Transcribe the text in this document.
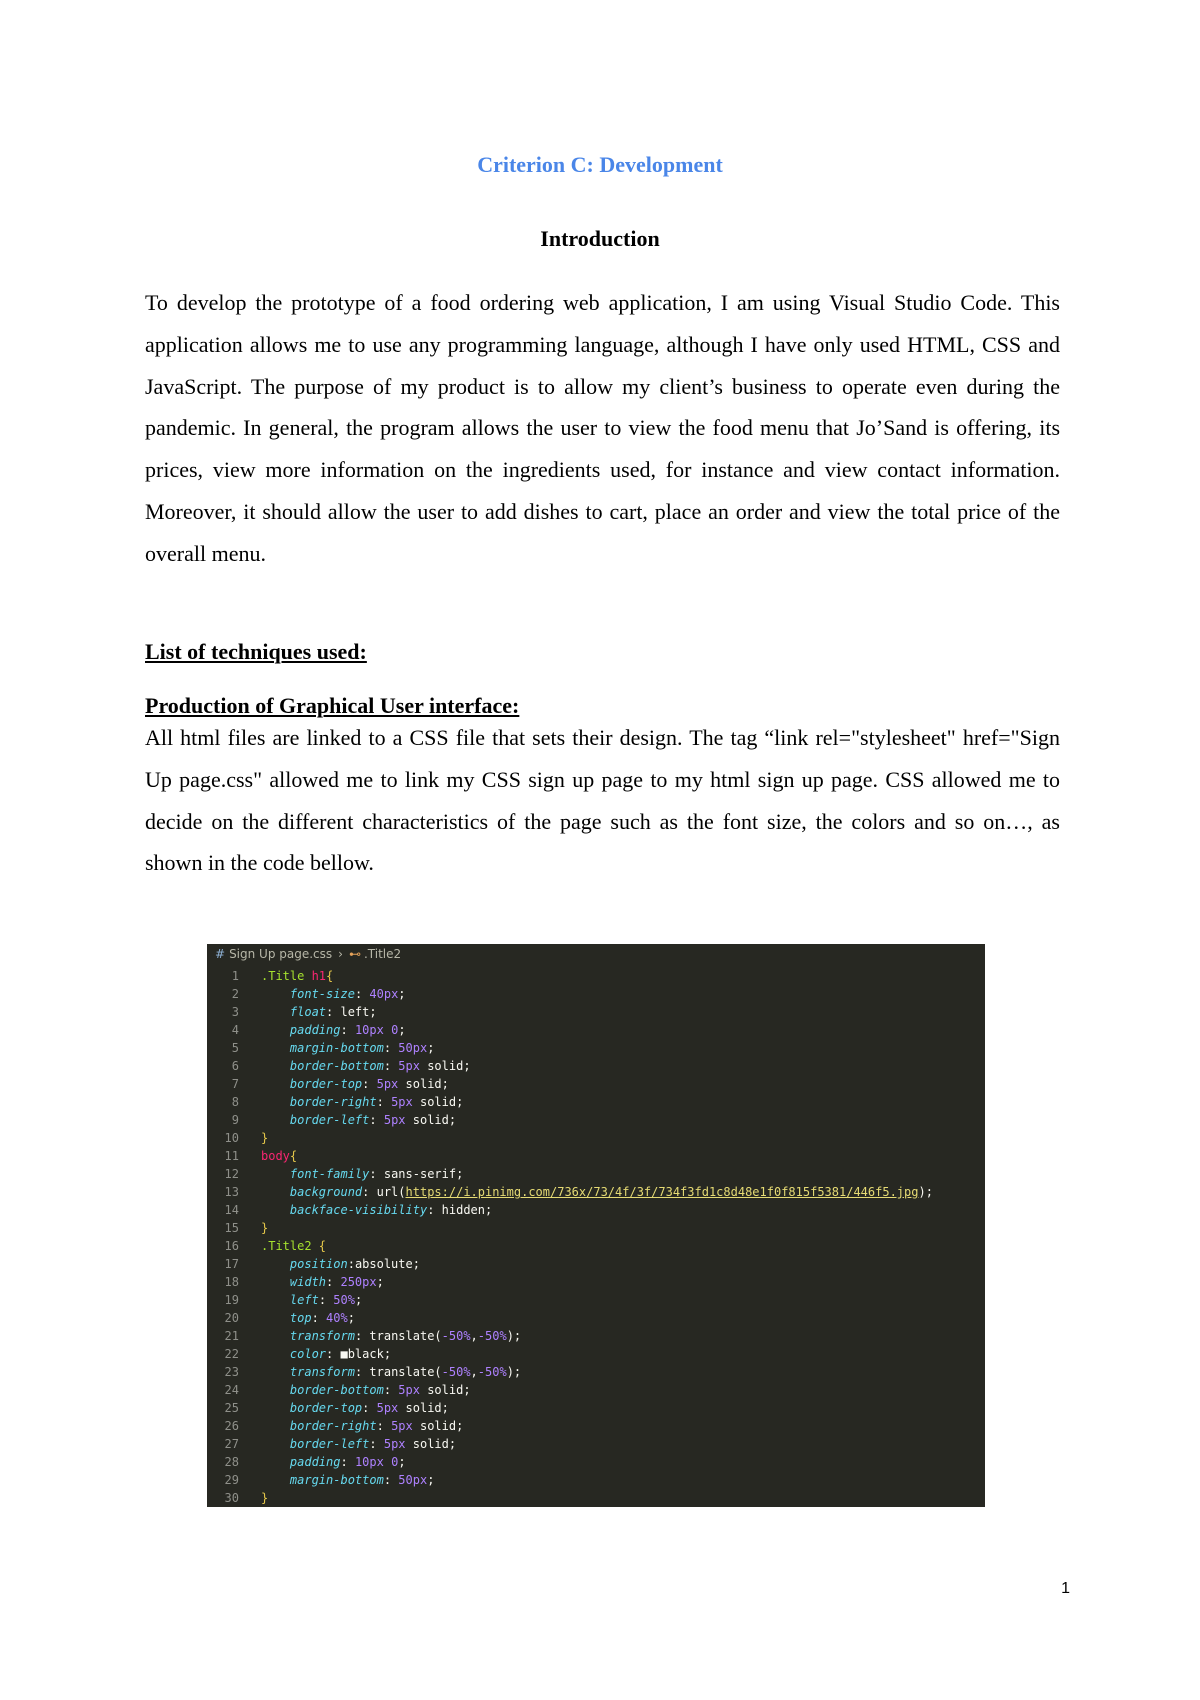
Criterion C: Development
Introduction

To develop the prototype of a food ordering web application, I am using Visual Studio Code. This application allows me to use any programming language, although I have only used HTML, CSS and JavaScript. The purpose of my product is to allow my client’s business to operate even during the pandemic. In general, the program allows the user to view the food menu that Jo’Sand is offering, its prices, view more information on the ingredients used, for instance and view contact information. Moreover, it should allow the user to add dishes to cart, place an order and view the total price of the overall menu.

List of techniques used:
Production of Graphical User interface:

All html files are linked to a CSS file that sets their design. The tag “link rel="stylesheet" href="Sign Up page.css" allowed me to link my CSS sign up page to my html sign up page. CSS allowed me to decide on the different characteristics of the page such as the font size, the colors and so on…, as shown in the code bellow.

# Sign Up page.css › ⊷ .Title2
1	.Title h1{
2	font-size: 40px;
3	float: left;
4	padding: 10px 0;
5	margin-bottom: 50px;
6	border-bottom: 5px solid;
7	border-top: 5px solid;
8	border-right: 5px solid;
9	border-left: 5px solid;
10	}
11	body{
12	font-family: sans-serif;
13	background: url(https://i.pinimg.com/736x/73/4f/3f/734f3fd1c8d48e1f0f815f5381/446f5.jpg);
14	backface-visibility: hidden;
15	}
16	.Title2 {
17	position:absolute;
18	width: 250px;
19	left: 50%;
20	top: 40%;
21	transform: translate(-50%,-50%);
22	color: ■black;
23	transform: translate(-50%,-50%);
24	border-bottom: 5px solid;
25	border-top: 5px solid;
26	border-right: 5px solid;
27	border-left: 5px solid;
28	padding: 10px 0;
29	margin-bottom: 50px;
30	}

1
